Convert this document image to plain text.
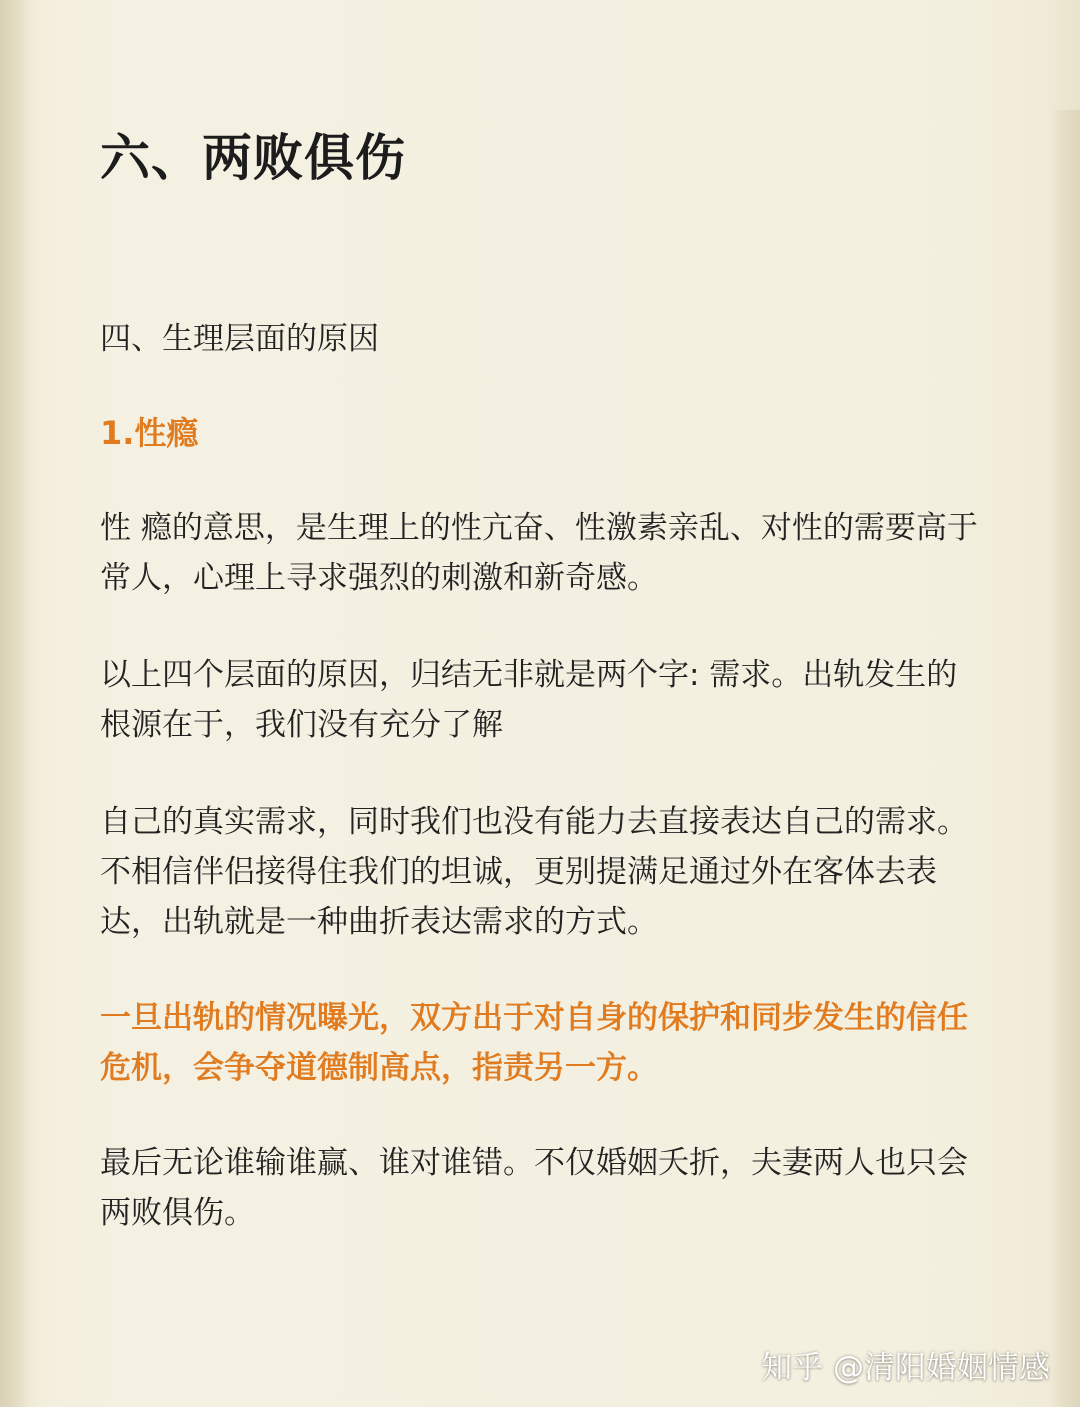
六、两败俱伤
四、生理层面的原因
1.性瘾
性 瘾的意思，是生理上的性亢奋、性激素亲乱、对性的需要高于常人，心理上寻求强烈的刺激和新奇感。
以上四个层面的原因，归结无非就是两个字: 需求。出轨发生的根源在于，我们没有充分了解
自己的真实需求，同时我们也没有能力去直接表达自己的需求。不相信伴侣接得住我们的坦诚，更别提满足通过外在客体去表达，出轨就是一种曲折表达需求的方式。
一旦出轨的情况曝光，双方出于对自身的保护和同步发生的信任危机，会争夺道德制高点，指责另一方。
最后无论谁输谁赢、谁对谁错。不仅婚姻夭折，夫妻两人也只会两败俱伤。
知乎 @清阳婚姻情感
